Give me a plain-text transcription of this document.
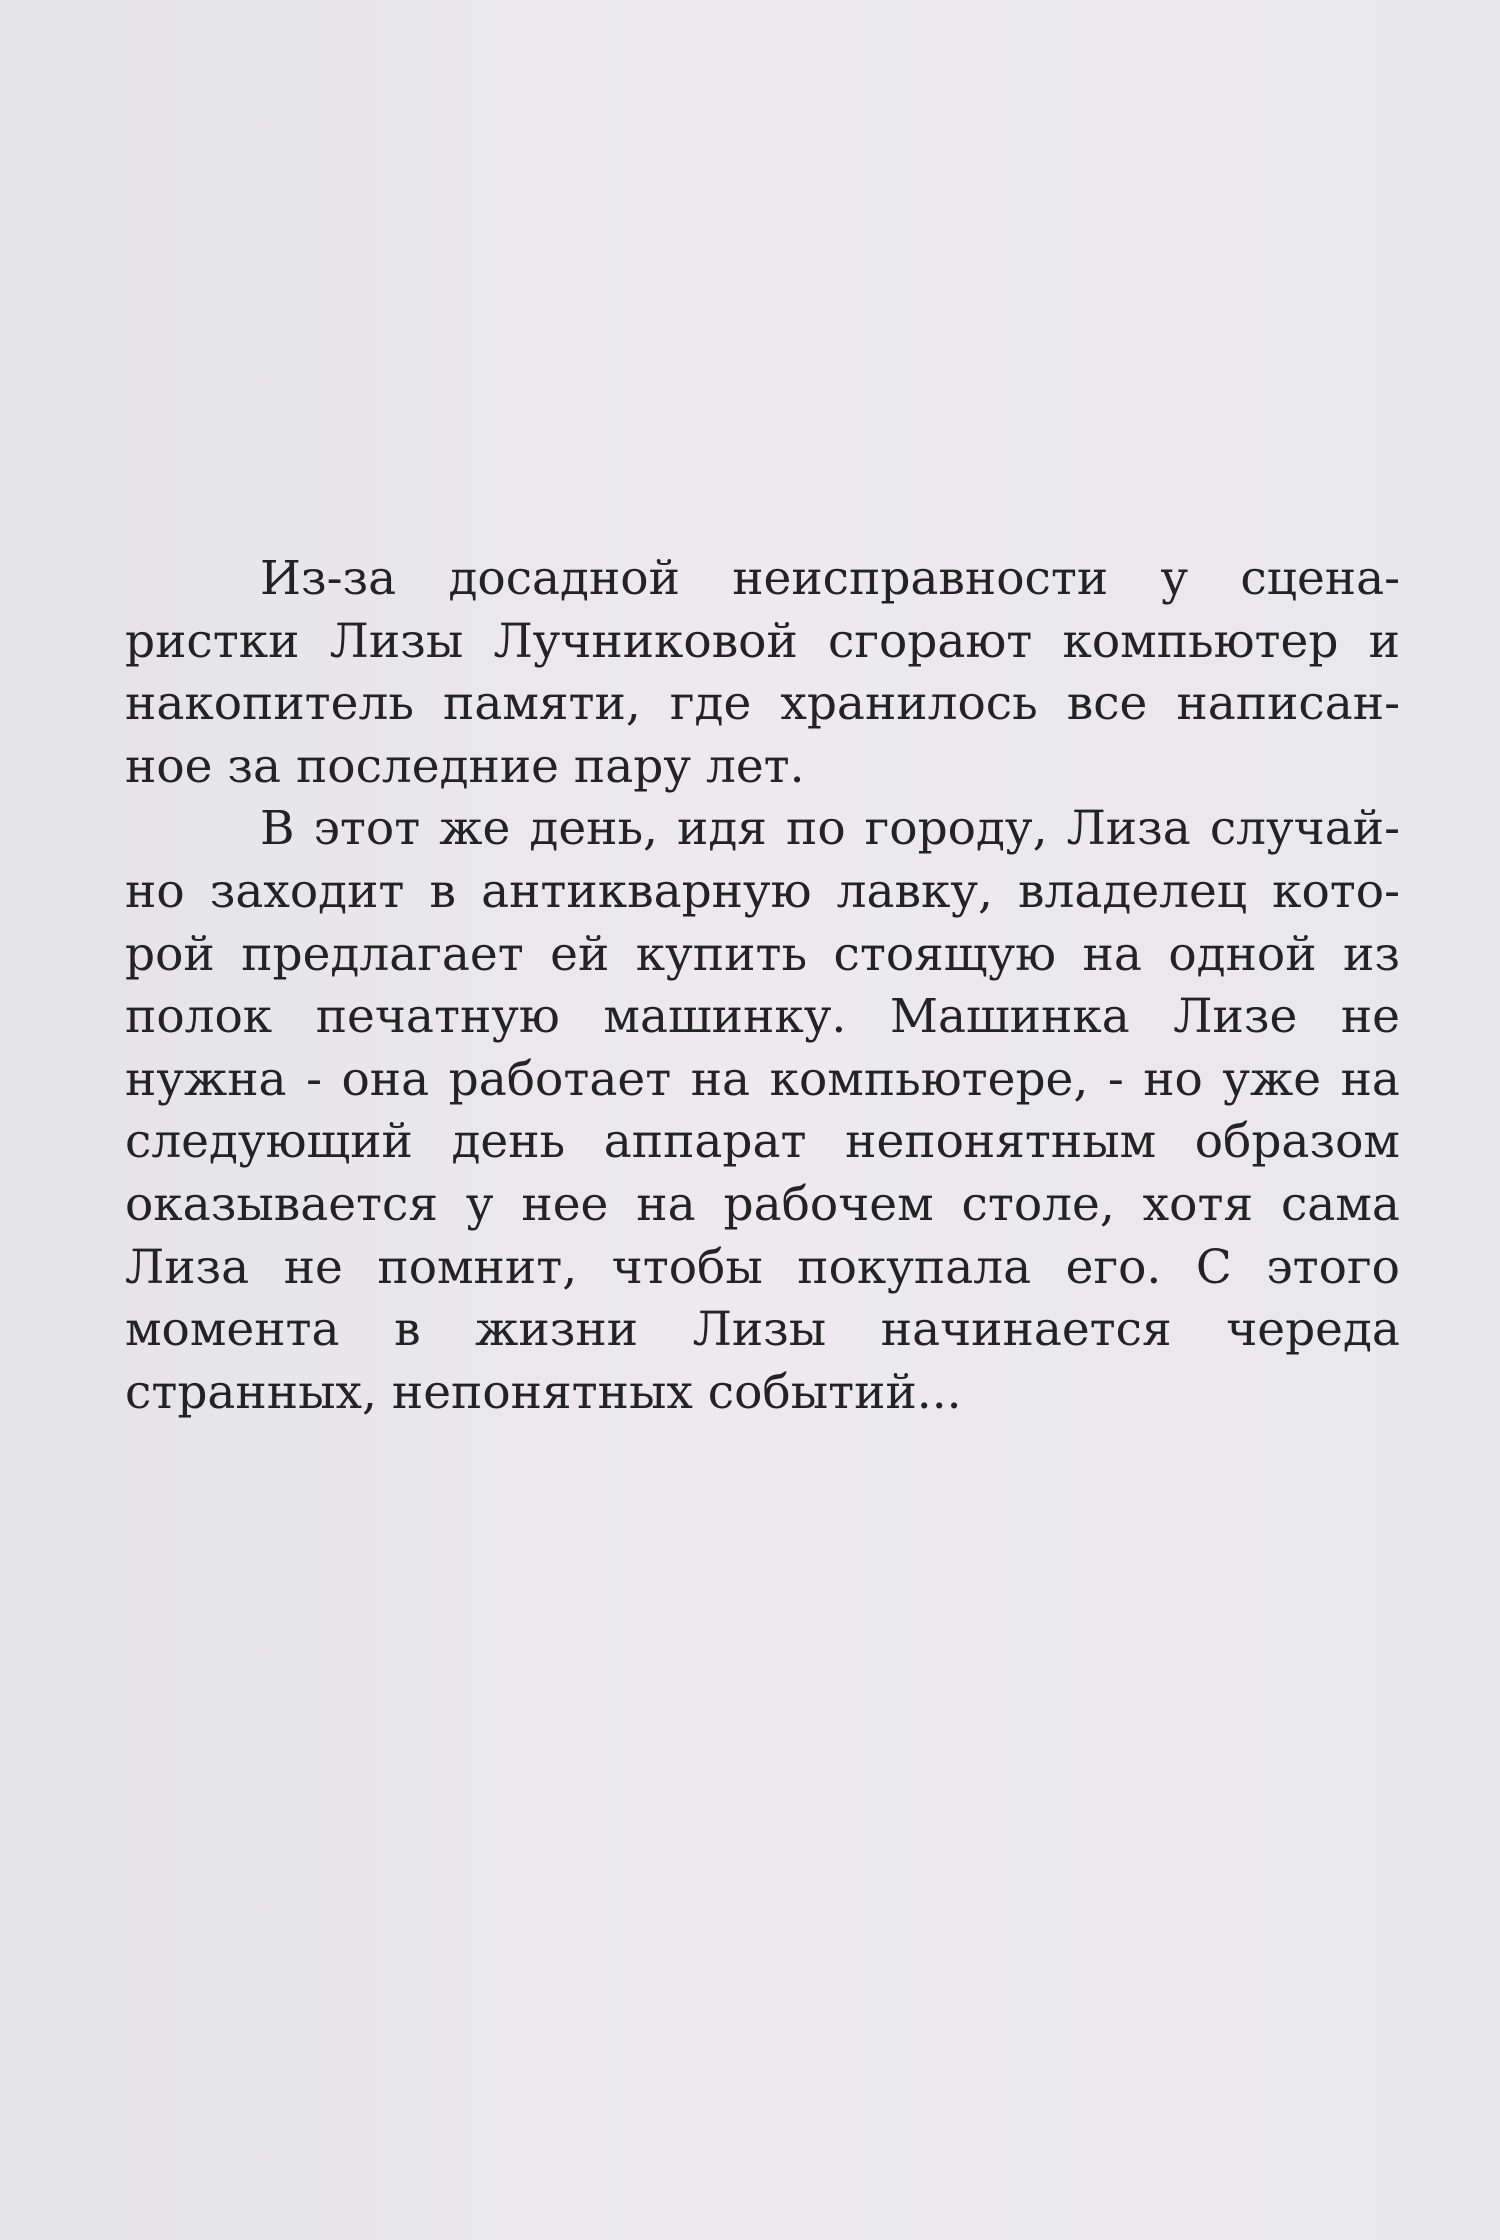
Из-за досадной неисправности у сцена-
ристки Лизы Лучниковой сгорают компьютер и
накопитель памяти, где хранилось все написан-
ное за последние пару лет.
В этот же день, идя по городу, Лиза случай-
но заходит в антикварную лавку, владелец кото-
рой предлагает ей купить стоящую на одной из
полок печатную машинку. Машинка Лизе не
нужна - она работает на компьютере, - но уже на
следующий день аппарат непонятным образом
оказывается у нее на рабочем столе, хотя сама
Лиза не помнит, чтобы покупала его. С этого
момента в жизни Лизы начинается череда
странных, непонятных событий...
